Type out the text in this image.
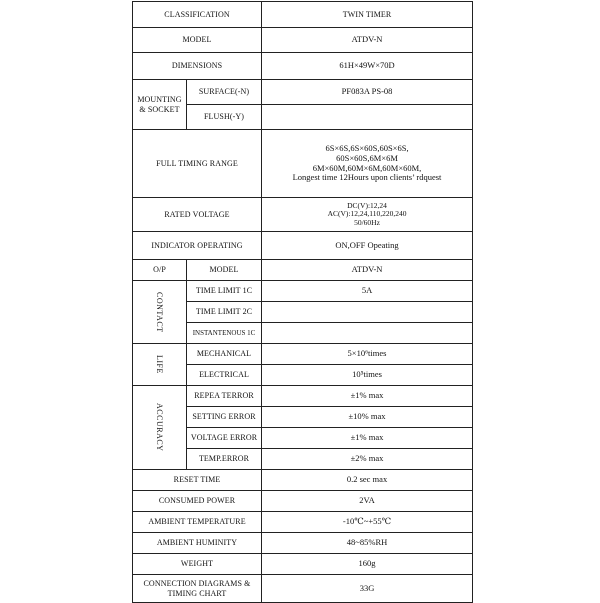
CLASSIFICATION		TWIN TIMER
MODEL		ATDV-N
DIMENSIONS		61H×49W×70D

MOUNTING
& SOCKET	SURFACE(-N)	PF083A PS-08
	FLUSH(-Y)	
FULL TIMING RANGE		6S×6S,6S×60S,60S×6S,
60S×60S,6M×6M
6M×60M,60M×6M,60M×60M,
Longest time 12Hours upon clients’ rdquest

RATED VOLTAGE		DC(V):12,24
AC(V):12,24,110,220,240
50/60Hz

INDICATOR OPERATING		ON,OFF Opeating
O/P	MODEL	ATDV-N
CONTACT	TIME LIMIT 1C	5A
	TIME LIMIT 2C	
	INSTANTENOUS 1C	
LIFE	MECHANICAL	5×10⁶times
	ELECTRICAL	10⁵times
ACCURACY	REPEA TERROR	±1% max
	SETTING ERROR	±10% max
	VOLTAGE ERROR	±1% max
	TEMP.ERROR	±2% max
RESET TIME		0.2 sec max
CONSUMED POWER		2VA
AMBIENT TEMPERATURE		-10℃~+55℃
AMBIENT HUMINITY		48~85%RH
WEIGHT		160g

CONNECTION DIAGRAMS &
TIMING CHART		33G
